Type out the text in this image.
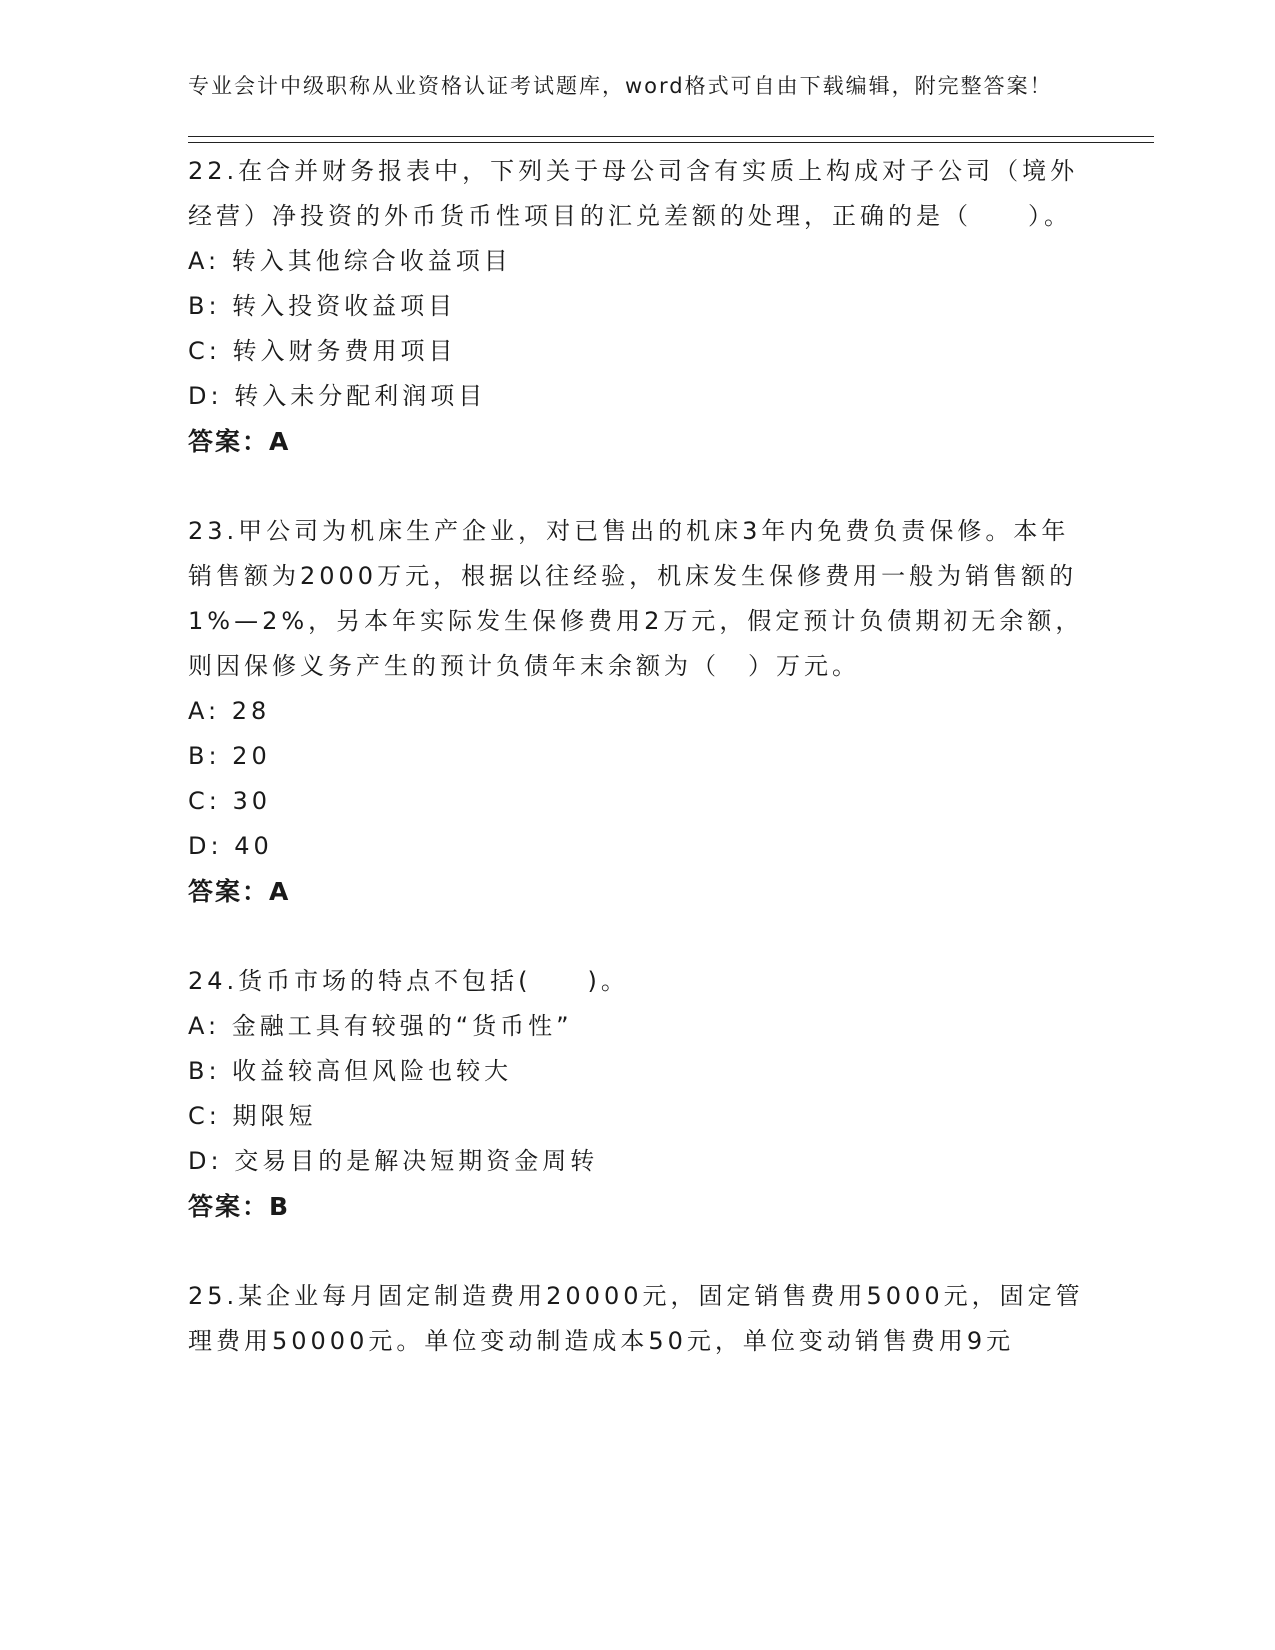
专业会计中级职称从业资格认证考试题库，word格式可自由下载编辑，附完整答案！

22.在合并财务报表中，下列关于母公司含有实质上构成对子公司（境外经营）净投资的外币货币性项目的汇兑差额的处理，正确的是（　　）。

A: 转入其他综合收益项目

B: 转入投资收益项目

C: 转入财务费用项目

D: 转入未分配利润项目

答案：A

23.甲公司为机床生产企业，对已售出的机床3年内免费负责保修。本年销售额为2000万元，根据以往经验，机床发生保修费用一般为销售额的1%—2%，另本年实际发生保修费用2万元，假定预计负债期初无余额，则因保修义务产生的预计负债年末余额为（　）万元。

A: 28

B: 20

C: 30

D: 40

答案：A

24.货币市场的特点不包括(　　)。

A: 金融工具有较强的“货币性”

B: 收益较高但风险也较大

C: 期限短

D: 交易目的是解决短期资金周转

答案：B

25.某企业每月固定制造费用20000元，固定销售费用5000元，固定管理费用50000元。单位变动制造成本50元，单位变动销售费用9元
